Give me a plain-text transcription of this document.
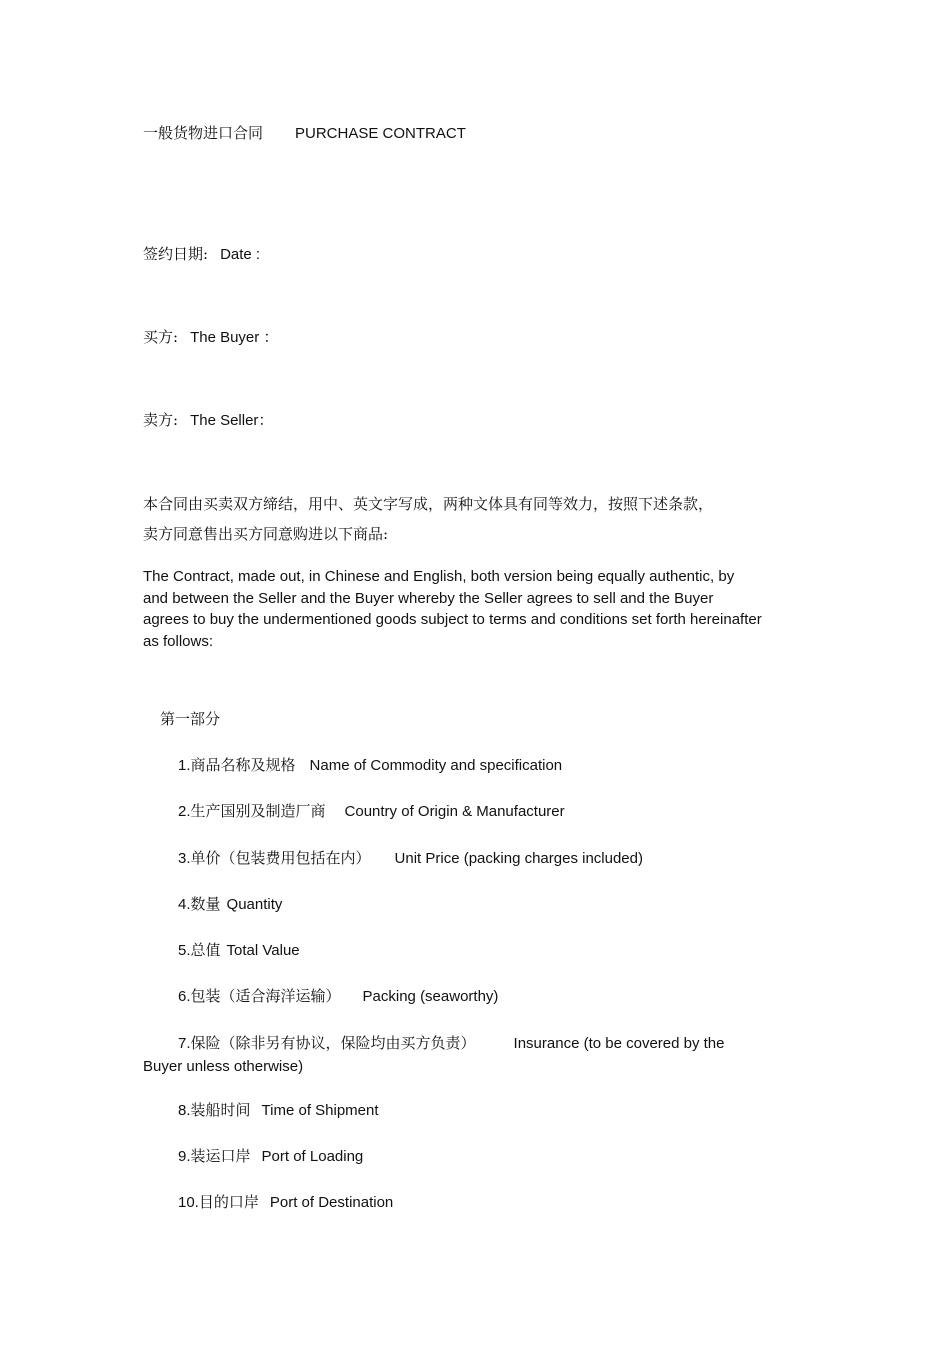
一般货物进口合同 PURCHASE CONTRACT
签约日期: Date :
买方: The Buyer ：
卖方: The Seller：
本合同由买卖双方缔结，用中、英文字写成，两种文体具有同等效力，按照下述条款，
卖方同意售出买方同意购进以下商品:
The Contract, made out, in Chinese and English, both version being equally authentic, by and between the Seller and the Buyer whereby the Seller agrees to sell and the Buyer agrees to buy the undermentioned goods subject to terms and conditions set forth hereinafter as follows:
第一部分
1.商品名称及规格 Name of Commodity and specification
2.生产国别及制造厂商 Country of Origin & Manufacturer
3.单价（包装费用包括在内） Unit Price (packing charges included)
4.数量 Quantity
5.总值 Total Value
6.包装（适合海洋运输） Packing (seaworthy)
7.保险（除非另有协议，保险均由买方负责）	Insurance (to be covered by the
Buyer unless otherwise)
8.装船时间 Time of Shipment
9.装运口岸 Port of Loading
10.目的口岸 Port of Destination
